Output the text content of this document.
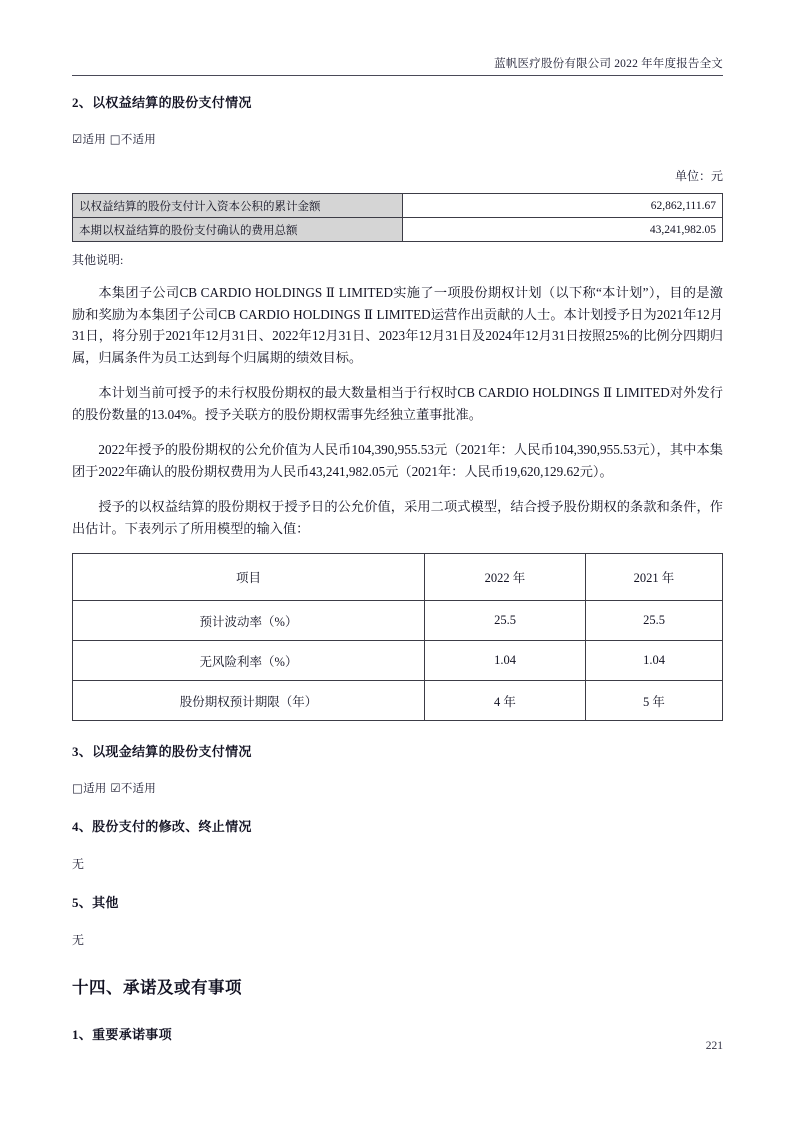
蓝帆医疗股份有限公司 2022 年年度报告全文
2、以权益结算的股份支付情况
☑适用 □不适用
单位：元
以权益结算的股份支付计入资本公积的累计金额	62,862,111.67
本期以权益结算的股份支付确认的费用总额	43,241,982.05
其他说明:

本集团子公司CB CARDIO HOLDINGS Ⅱ LIMITED实施了一项股份期权计划（以下称“本计划”），目的是激励和奖励为本集团子公司CB CARDIO HOLDINGS Ⅱ LIMITED运营作出贡献的人士。本计划授予日为2021年12月31日，将分别于2021年12月31日、2022年12月31日、2023年12月31日及2024年12月31日按照25%的比例分四期归属，归属条件为员工达到每个归属期的绩效目标。

本计划当前可授予的未行权股份期权的最大数量相当于行权时CB CARDIO HOLDINGS Ⅱ LIMITED对外发行的股份数量的13.04%。授予关联方的股份期权需事先经独立董事批准。

2022年授予的股份期权的公允价值为人民币104,390,955.53元（2021年：人民币104,390,955.53元），其中本集团于2022年确认的股份期权费用为人民币43,241,982.05元（2021年：人民币19,620,129.62元）。

授予的以权益结算的股份期权于授予日的公允价值，采用二项式模型，结合授予股份期权的条款和条件，作出估计。下表列示了所用模型的输入值：

项目	2022 年	2021 年
预计波动率（%）	25.5	25.5
无风险利率（%）	1.04	1.04
股份期权预计期限（年）	4 年	5 年
3、以现金结算的股份支付情况
□适用 ☑不适用
4、股份支付的修改、终止情况
无
5、其他
无
十四、承诺及或有事项
1、重要承诺事项
221
